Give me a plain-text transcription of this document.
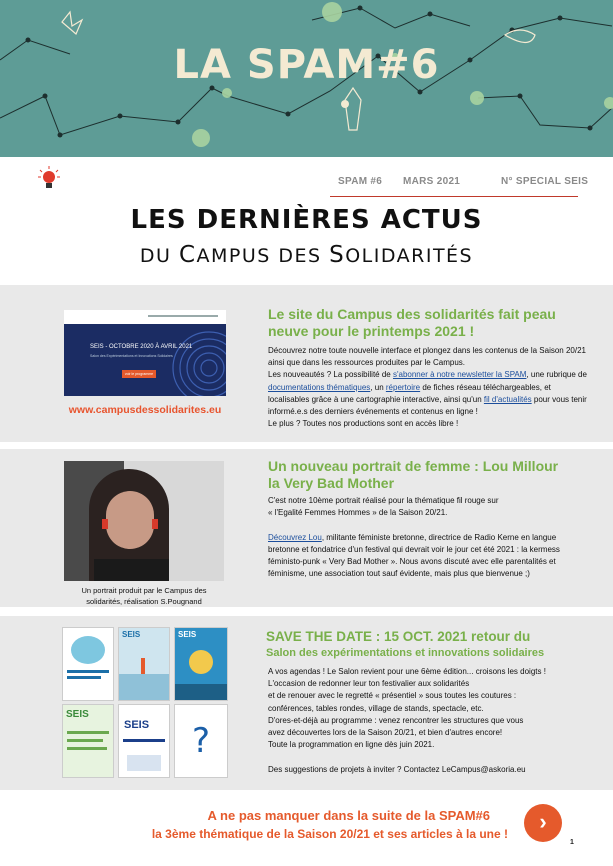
LA SPAM#6
SPAM #6 MARS 2021	N° SPECIAL SEIS
LES DERNIÈRES ACTUS
DU CAMPUS DES SOLIDARITÉS
SEIS - OCTOBRE 2020 À AVRIL 2021
Salon des Expérimentations et Innovations Solidaires
voir le programme
www.campusdessolidarites.eu
Le site du Campus des solidarités fait peau
neuve pour le printemps 2021 !

Découvrez notre toute nouvelle interface et plongez dans les contenus de la Saison 20/21 ainsi que dans les ressources produites par le Campus.

Les nouveautés ? La possibilité de s'abonner à notre newsletter la SPAM, une rubrique de documentations thématiques, un répertoire de fiches réseau téléchargeables, et localisables grâce à une cartographie interactive, ainsi qu'un fil d'actualités pour vous tenir informé.e.s des derniers événements et contenus en ligne !

Le plus ? Toutes nos productions sont en accès libre !

Un portrait produit par le Campus des
solidarités, réalisation S.Pougnand
Un nouveau portrait de femme : Lou Millour
la Very Bad Mother

C'est notre 10ème portrait réalisé pour la thématique fil rouge sur

« l'Egalité Femmes Hommes » de la Saison 20/21.

Découvrez Lou, militante féministe bretonne, directrice de Radio Kerne en langue bretonne et fondatrice d'un festival qui devrait voir le jour cet été 2021 : la kermess féministo-punk « Very Bad Mother ». Nous avons discuté avec elle parentalités et féminisme, une association tout sauf évidente, mais plus que bienvenue ;)

SEIS	SEIS
SEIS
SEIS	?
SAVE THE DATE : 15 OCT. 2021 retour du
Salon des expérimentations et innovations solidaires

A vos agendas ! Le Salon revient pour une 6ème édition... croisons les doigts !

L'occasion de redonner leur ton festivalier aux solidarités

et de renouer avec le regretté « présentiel » sous toutes les coutures :

conférences, tables rondes, village de stands, spectacle, etc.

D'ores-et-déjà au programme : venez rencontrer les structures que vous

avez découvertes lors de la Saison 20/21, et bien d'autres encore!

Toute la programmation en ligne dès juin 2021.

Des suggestions de projets à inviter ? Contactez LeCampus@askoria.eu

A ne pas manquer dans la suite de la SPAM#6
la 3ème thématique de la Saison 20/21 et ses articles à la une !	›
1
